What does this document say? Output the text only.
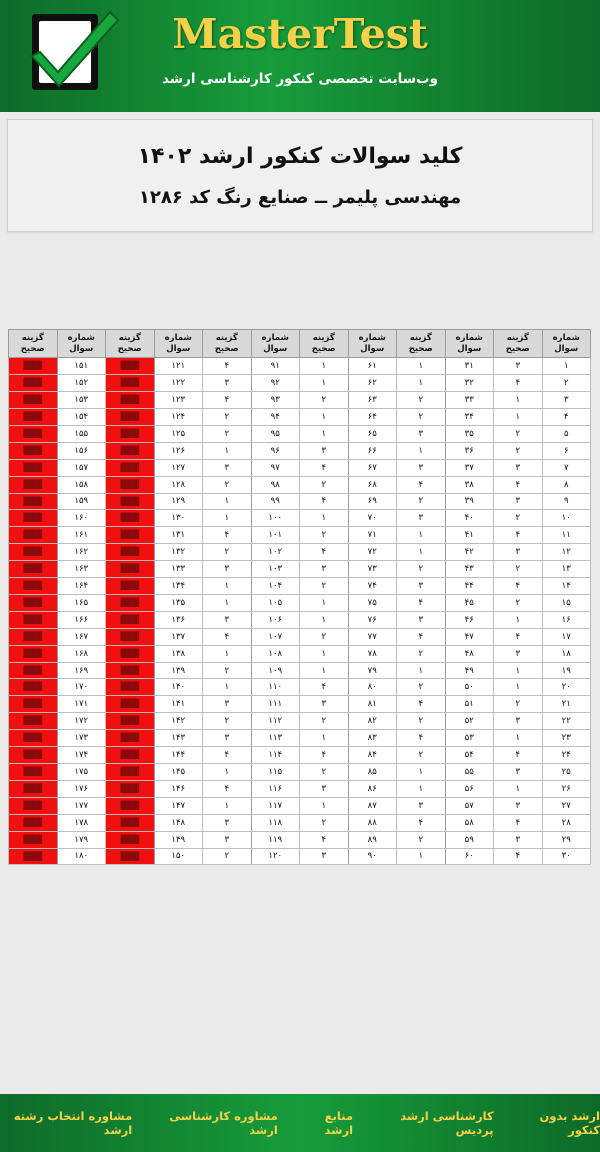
MasterTest
وب‌سایت تخصصی کنکور کارشناسی ارشد
کلید سوالات کنکور ارشد ۱۴۰۲
مهندسی پلیمر ــ صنایع رنگ کد ۱۲۸۶
شماره سوال	گزینه صحیح	شماره سوال	گزینه صحیح	شماره سوال	گزینه صحیح	شماره سوال	گزینه صحیح	شماره سوال	گزینه صحیح	شماره سوال	گزینه صحیح
۱	۳	۳۱	۱	۶۱	۱	۹۱	۴	۱۲۱	███	۱۵۱	███

۲	۴	۳۲	۱	۶۲	۱	۹۲	۳	۱۲۲	███	۱۵۲	███

۳	۱	۳۳	۲	۶۳	۲	۹۳	۴	۱۲۳	███	۱۵۳	███

۴	۱	۳۴	۲	۶۴	۱	۹۴	۲	۱۲۴	███	۱۵۴	███

۵	۲	۳۵	۳	۶۵	۱	۹۵	۲	۱۲۵	███	۱۵۵	███

۶	۲	۳۶	۱	۶۶	۳	۹۶	۱	۱۲۶	███	۱۵۶	███

۷	۳	۳۷	۳	۶۷	۴	۹۷	۳	۱۲۷	███	۱۵۷	███

۸	۴	۳۸	۴	۶۸	۲	۹۸	۲	۱۲۸	███	۱۵۸	███

۹	۳	۳۹	۲	۶۹	۴	۹۹	۱	۱۲۹	███	۱۵۹	███

۱۰	۲	۴۰	۳	۷۰	۱	۱۰۰	۱	۱۳۰	███	۱۶۰	███

۱۱	۴	۴۱	۱	۷۱	۲	۱۰۱	۴	۱۳۱	███	۱۶۱	███

۱۲	۳	۴۲	۱	۷۲	۴	۱۰۲	۲	۱۳۲	███	۱۶۲	███

۱۳	۲	۴۳	۲	۷۳	۳	۱۰۳	۳	۱۳۳	███	۱۶۳	███

۱۴	۴	۴۴	۳	۷۴	۲	۱۰۴	۱	۱۳۴	███	۱۶۴	███

۱۵	۲	۴۵	۴	۷۵	۱	۱۰۵	۱	۱۳۵	███	۱۶۵	███

۱۶	۱	۴۶	۳	۷۶	۱	۱۰۶	۳	۱۳۶	███	۱۶۶	███

۱۷	۴	۴۷	۴	۷۷	۲	۱۰۷	۴	۱۳۷	███	۱۶۷	███

۱۸	۳	۴۸	۲	۷۸	۱	۱۰۸	۱	۱۳۸	███	۱۶۸	███

۱۹	۱	۴۹	۱	۷۹	۱	۱۰۹	۲	۱۳۹	███	۱۶۹	███

۲۰	۱	۵۰	۲	۸۰	۴	۱۱۰	۱	۱۴۰	███	۱۷۰	███

۲۱	۲	۵۱	۴	۸۱	۳	۱۱۱	۳	۱۴۱	███	۱۷۱	███

۲۲	۳	۵۲	۲	۸۲	۲	۱۱۲	۲	۱۴۲	███	۱۷۲	███

۲۳	۱	۵۳	۴	۸۳	۱	۱۱۳	۳	۱۴۳	███	۱۷۳	███

۲۴	۴	۵۴	۲	۸۴	۴	۱۱۴	۴	۱۴۴	███	۱۷۴	███

۲۵	۳	۵۵	۱	۸۵	۲	۱۱۵	۱	۱۴۵	███	۱۷۵	███

۲۶	۱	۵۶	۱	۸۶	۳	۱۱۶	۴	۱۴۶	███	۱۷۶	███

۲۷	۳	۵۷	۳	۸۷	۱	۱۱۷	۱	۱۴۷	███	۱۷۷	███

۲۸	۴	۵۸	۴	۸۸	۲	۱۱۸	۳	۱۴۸	███	۱۷۸	███

۲۹	۳	۵۹	۲	۸۹	۴	۱۱۹	۳	۱۴۹	███	۱۷۹	███

۳۰	۴	۶۰	۱	۹۰	۳	۱۲۰	۲	۱۵۰	███	۱۸۰	███
ارشد بدون کنکور
کارشناسی ارشد پردیس
منابع ارشد
مشاوره کارشناسی ارشد
مشاوره انتخاب رشته ارشد
